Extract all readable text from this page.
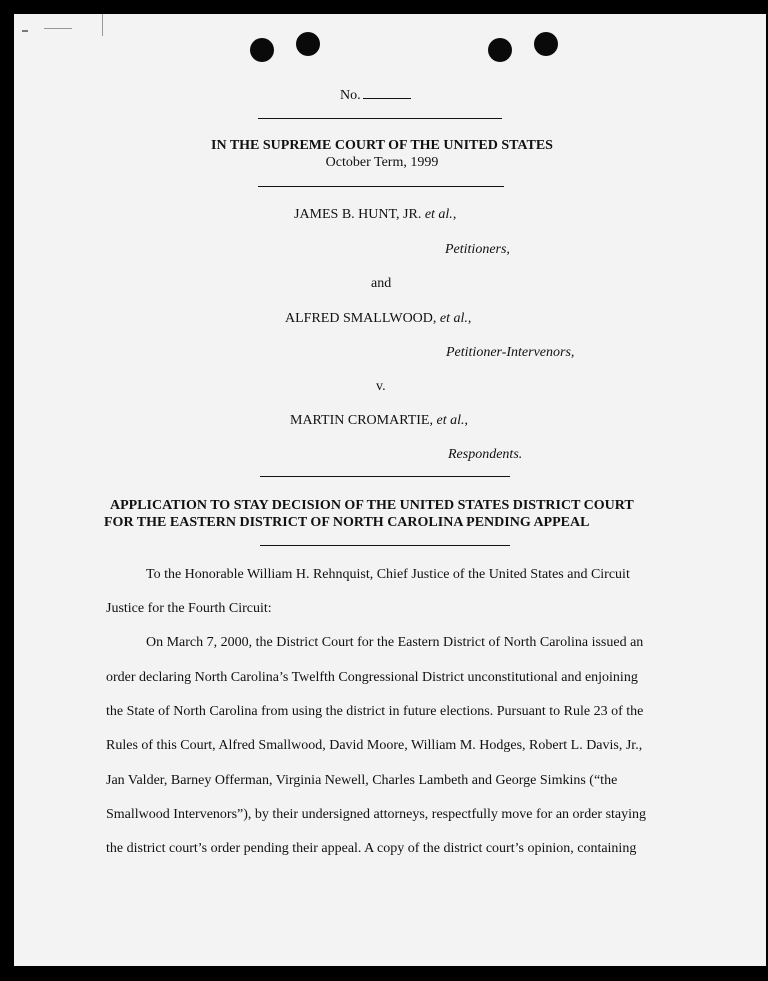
No.
IN THE SUPREME COURT OF THE UNITED STATES
October Term, 1999
JAMES B. HUNT, JR. et al.,
Petitioners,
and
ALFRED SMALLWOOD, et al.,
Petitioner-Intervenors,
v.
MARTIN CROMARTIE, et al.,
Respondents.
APPLICATION TO STAY DECISION OF THE UNITED STATES DISTRICT COURT
FOR THE EASTERN DISTRICT OF NORTH CAROLINA PENDING APPEAL
To the Honorable William H. Rehnquist, Chief Justice of the United States and Circuit
Justice for the Fourth Circuit:
On March 7, 2000, the District Court for the Eastern District of North Carolina issued an
order declaring North Carolina’s Twelfth Congressional District unconstitutional and enjoining
the State of North Carolina from using the district in future elections. Pursuant to Rule 23 of the
Rules of this Court, Alfred Smallwood, David Moore, William M. Hodges, Robert L. Davis, Jr.,
Jan Valder, Barney Offerman, Virginia Newell, Charles Lambeth and George Simkins (“the
Smallwood Intervenors”), by their undersigned attorneys, respectfully move for an order staying
the district court’s order pending their appeal. A copy of the district court’s opinion, containing
